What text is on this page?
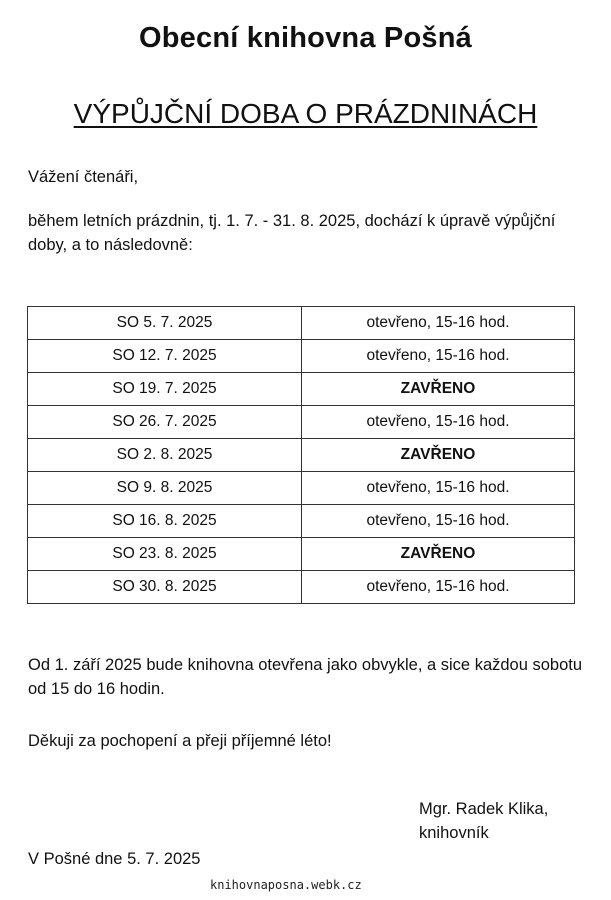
Obecní knihovna Pošná
VÝPŮJČNÍ DOBA O PRÁZDNINÁCH

Vážení čtenáři,

během letních prázdnin, tj. 1. 7. - 31. 8. 2025, dochází k úpravě výpůjční doby, a to následovně:

SO 5. 7. 2025	otevřeno, 15-16 hod.
SO 12. 7. 2025	otevřeno, 15-16 hod.
SO 19. 7. 2025	ZAVŘENO
SO 26. 7. 2025	otevřeno, 15-16 hod.
SO 2. 8. 2025	ZAVŘENO
SO 9. 8. 2025	otevřeno, 15-16 hod.
SO 16. 8. 2025	otevřeno, 15-16 hod.
SO 23. 8. 2025	ZAVŘENO
SO 30. 8. 2025	otevřeno, 15-16 hod.

Od 1. září 2025 bude knihovna otevřena jako obvykle, a sice každou sobotu od 15 do 16 hodin.

Děkuji za pochopení a přeji příjemné léto!

Mgr. Radek Klika,
knihovník

V Pošné dne 5. 7. 2025

knihovnaposna.webk.cz
